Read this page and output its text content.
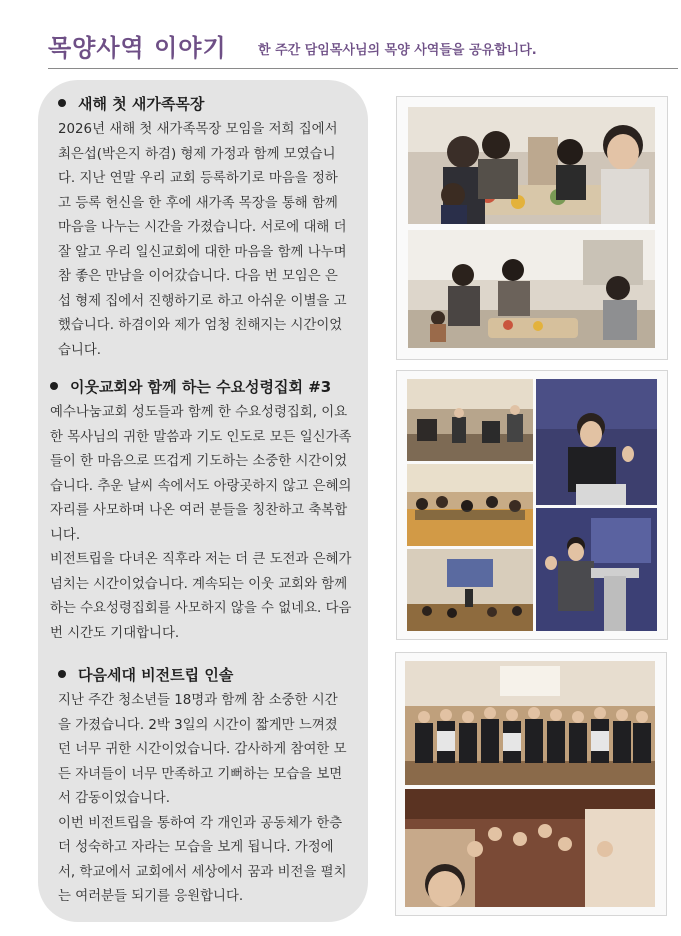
목양사역 이야기 한 주간 담임목사님의 목양 사역들을 공유합니다.
새해 첫 새가족목장

2026년 새해 첫 새가족목장 모임을 저희 집에서 최은섭(박은지 하겸) 형제 가정과 함께 모였습니다. 지난 연말 우리 교회 등록하기로 마음을 정하고 등록 헌신을 한 후에 새가족 목장을 통해 함께 마음을 나누는 시간을 가졌습니다. 서로에 대해 더 잘 알고 우리 일신교회에 대한 마음을 함께 나누며 참 좋은 만남을 이어갔습니다. 다음 번 모임은 은섭 형제 집에서 진행하기로 하고 아쉬운 이별을 고했습니다. 하겸이와 제가 엄청 친해지는 시간이었습니다.

이웃교회와 함께 하는 수요성령집회 #3

예수나눔교회 성도들과 함께 한 수요성령집회, 이요한 목사님의 귀한 말씀과 기도 인도로 모든 일신가족들이 한 마음으로 뜨겁게 기도하는 소중한 시간이었습니다. 추운 날씨 속에서도 아랑곳하지 않고 은혜의 자리를 사모하며 나온 여러 분들을 칭찬하고 축복합니다.

비전트립을 다녀온 직후라 저는 더 큰 도전과 은혜가 넘치는 시간이었습니다. 계속되는 이웃 교회와 함께 하는 수요성령집회를 사모하지 않을 수 없네요. 다음 번 시간도 기대합니다.

다음세대 비전트립 인솔

지난 주간 청소년들 18명과 함께 참 소중한 시간을 가졌습니다. 2박 3일의 시간이 짧게만 느껴졌던 너무 귀한 시간이었습니다. 감사하게 참여한 모든 자녀들이 너무 만족하고 기뻐하는 모습을 보면서 감동이었습니다.

이번 비전트립을 통하여 각 개인과 공동체가 한층 더 성숙하고 자라는 모습을 보게 됩니다. 가정에서, 학교에서 교회에서 세상에서 꿈과 비전을 펼치는 여러분들 되기를 응원합니다.
